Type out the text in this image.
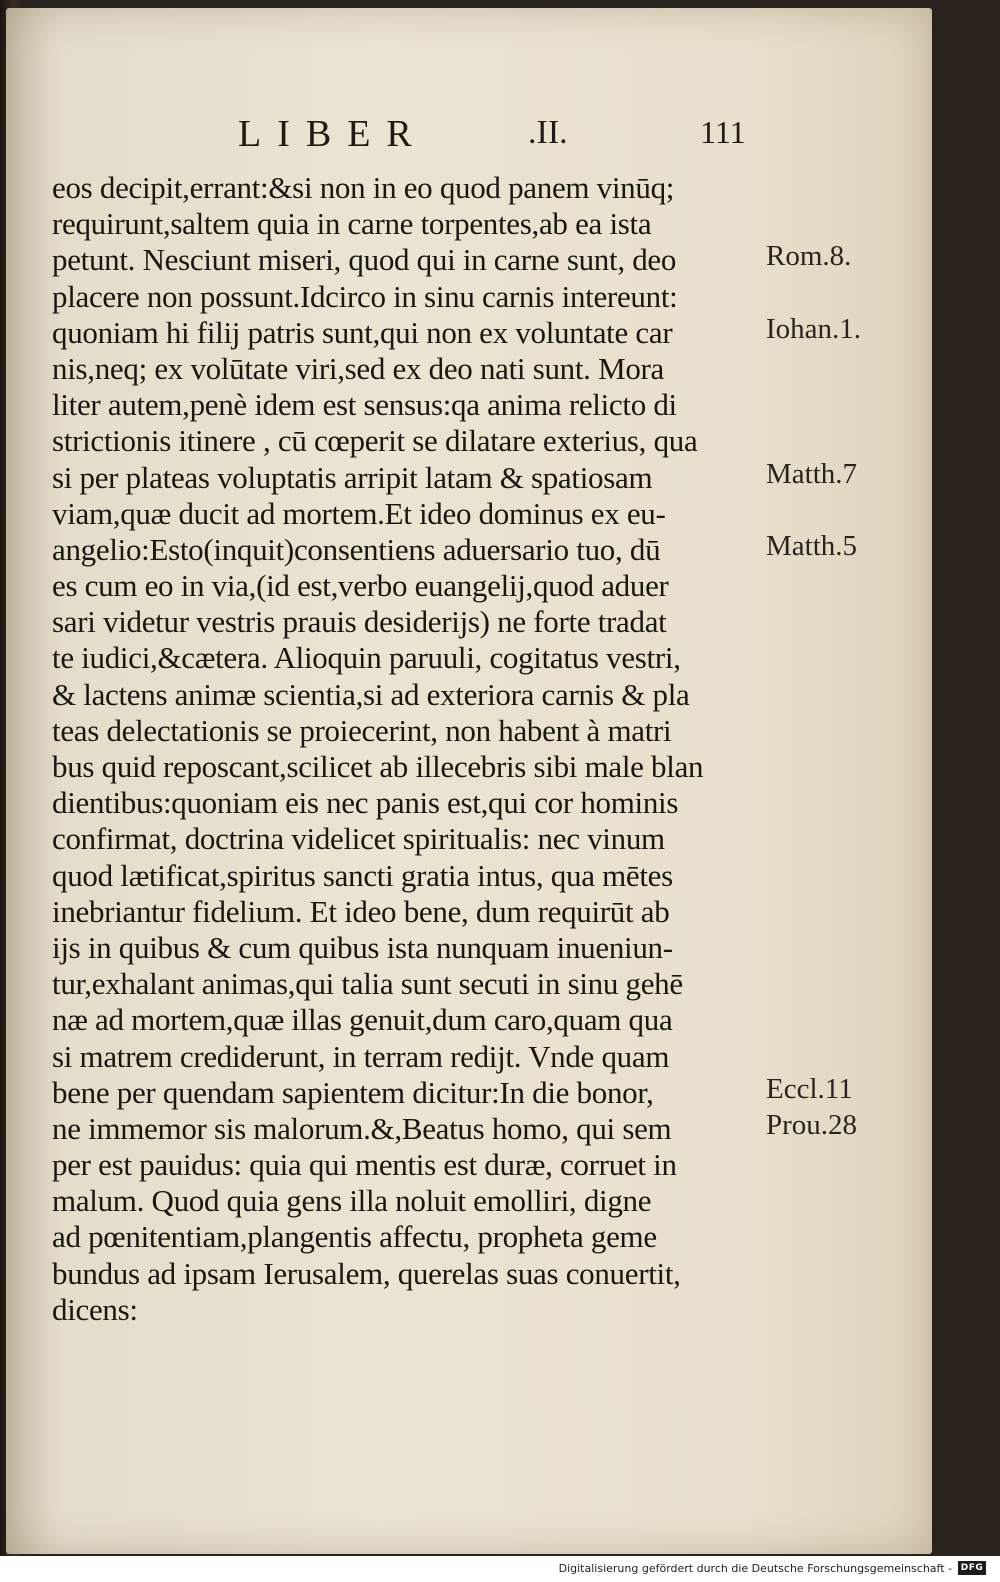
LIBER	.II.	111
eos decipit,errant:&si non in eo quod panem vinūq;
requirunt,saltem quia in carne torpentes,ab ea ista
petunt. Nesciunt miseri, quod qui in carne sunt, deo
placere non possunt.Idcirco in sinu carnis intereunt:
quoniam hi filij patris sunt,qui non ex voluntate car
nis,neq; ex volūtate viri,sed ex deo nati sunt. Mora
liter autem,penè idem est sensus:qa anima relicto di
strictionis itinere , cū cœperit se dilatare exterius, qua
si per plateas voluptatis arripit latam & spatiosam
viam,quæ ducit ad mortem.Et ideo dominus ex eu-
angelio:Esto(inquit)consentiens aduersario tuo, dū
es cum eo in via,(id est,verbo euangelij,quod aduer
sari videtur vestris prauis desiderijs) ne forte tradat
te iudici,&cætera. Alioquin paruuli, cogitatus vestri,
& lactens animæ scientia,si ad exteriora carnis & pla
teas delectationis se proiecerint, non habent à matri
bus quid reposcant,scilicet ab illecebris sibi male blan
dientibus:quoniam eis nec panis est,qui cor hominis
confirmat, doctrina videlicet spiritualis: nec vinum
quod lætificat,spiritus sancti gratia intus, qua mētes
inebriantur fidelium. Et ideo bene, dum requirūt ab
ijs in quibus & cum quibus ista nunquam inueniun-
tur,exhalant animas,qui talia sunt secuti in sinu gehē
næ ad mortem,quæ illas genuit,dum caro,quam qua
si matrem crediderunt, in terram redijt. Vnde quam
bene per quendam sapientem dicitur:In die bonor,
ne immemor sis malorum.&,Beatus homo, qui sem
per est pauidus: quia qui mentis est duræ, corruet in
malum. Quod quia gens illa noluit emolliri, digne
ad pœnitentiam,plangentis affectu, propheta geme
bundus ad ipsam Ierusalem, querelas suas conuertit,
dicens:
Rom.8.
Iohan.1.
Matth.7
Matth.5
Eccl.11
Prou.28
Digitalisierung gefördert durch die Deutsche Forschungsgemeinschaft - DFG
